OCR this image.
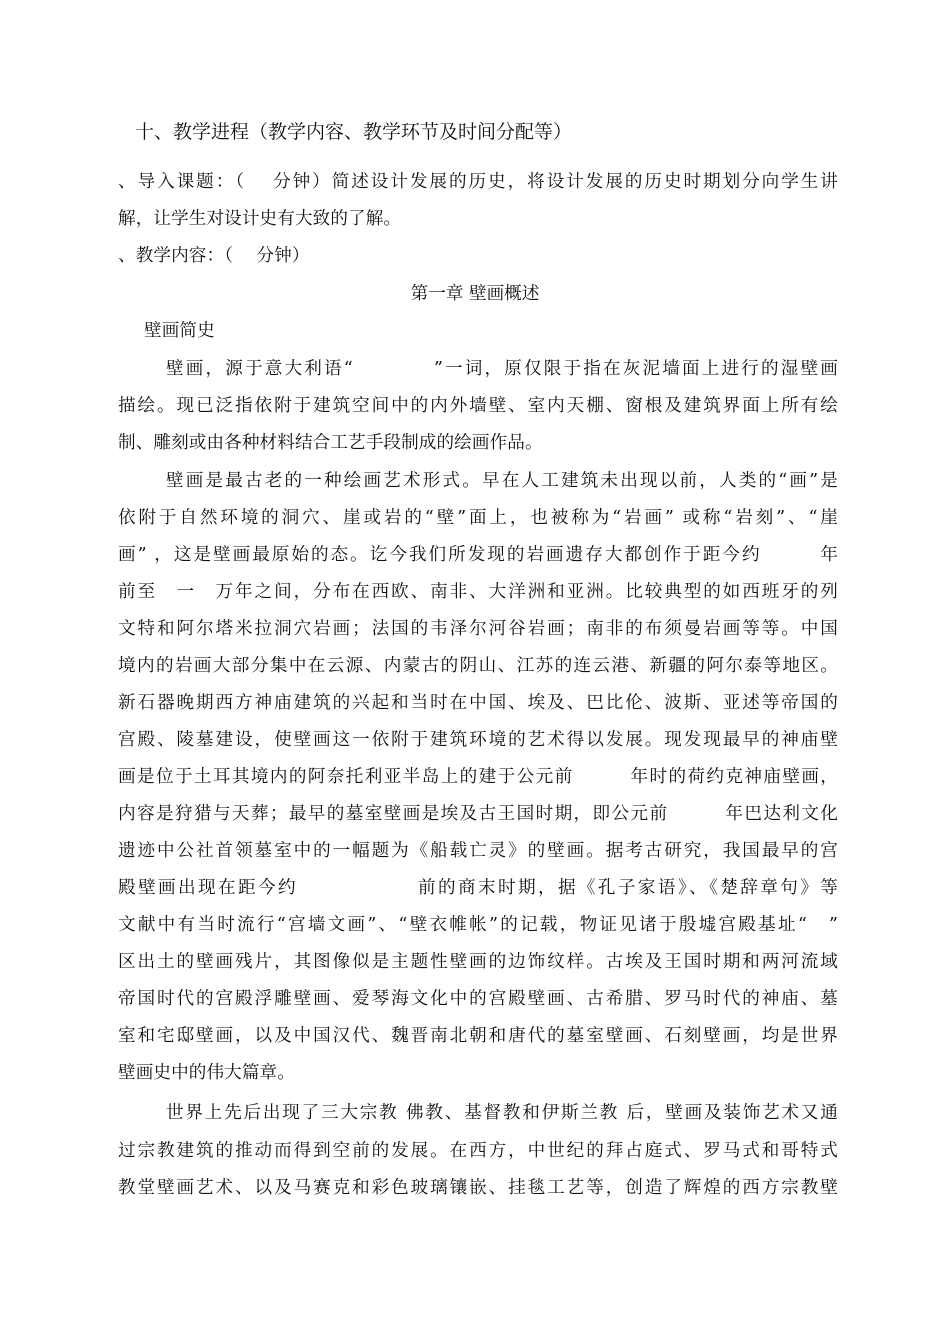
十、教学进程（教学内容、教学环节及时间分配等）
、导入课题：（　 分钟）简述设计发展的历史，将设计发展的历史时期划分向学生讲
解，让学生对设计史有大致的了解。
、教学内容：（　 分钟）
第一章 壁画概述
壁画简史
壁画，源于意大利语“　　　　”一词，原仅限于指在灰泥墙面上进行的湿壁画
描绘。现已泛指依附于建筑空间中的内外墙壁、室内天棚、窗根及建筑界面上所有绘
制、雕刻或由各种材料结合工艺手段制成的绘画作品。
壁画是最古老的一种绘画艺术形式。早在人工建筑未出现以前，人类的“画”是
依附于自然环境的洞穴、崖或岩的“壁”面上，也被称为“岩画” 或称“岩刻”、“崖
画” ，这是壁画最原始的态。讫今我们所发现的岩画遗存大都创作于距今约　　　年
前至　一　万年之间，分布在西欧、南非、大洋洲和亚洲。比较典型的如西班牙的列
文特和阿尔塔米拉洞穴岩画；法国的韦泽尔河谷岩画；南非的布须曼岩画等等。中国
境内的岩画大部分集中在云源、内蒙古的阴山、江苏的连云港、新疆的阿尔泰等地区。
新石器晚期西方神庙建筑的兴起和当时在中国、埃及、巴比伦、波斯、亚述等帝国的
宫殿、陵墓建设，使壁画这一依附于建筑环境的艺术得以发展。现发现最早的神庙壁
画是位于土耳其境内的阿奈托利亚半岛上的建于公元前　　　年时的荷约克神庙壁画，
内容是狩猎与天葬；最早的墓室壁画是埃及古王国时期，即公元前　　　年巴达利文化
遗迹中公社首领墓室中的一幅题为《船载亡灵》的壁画。据考古研究，我国最早的宫
殿壁画出现在距今约　　　　　　前的商末时期，据《孔子家语》、《楚辞章句》等
文献中有当时流行“宫墙文画”、“壁衣帷帐”的记载，物证见诸于殷墟宫殿基址“　”
区出土的壁画残片，其图像似是主题性壁画的边饰纹样。古埃及王国时期和两河流域
帝国时代的宫殿浮雕壁画、爱琴海文化中的宫殿壁画、古希腊、罗马时代的神庙、墓
室和宅邸壁画，以及中国汉代、魏晋南北朝和唐代的墓室壁画、石刻壁画，均是世界
壁画史中的伟大篇章。
世界上先后出现了三大宗教 佛教、基督教和伊斯兰教 后，壁画及装饰艺术又通
过宗教建筑的推动而得到空前的发展。在西方，中世纪的拜占庭式、罗马式和哥特式
教堂壁画艺术、以及马赛克和彩色玻璃镶嵌、挂毯工艺等，创造了辉煌的西方宗教壁
